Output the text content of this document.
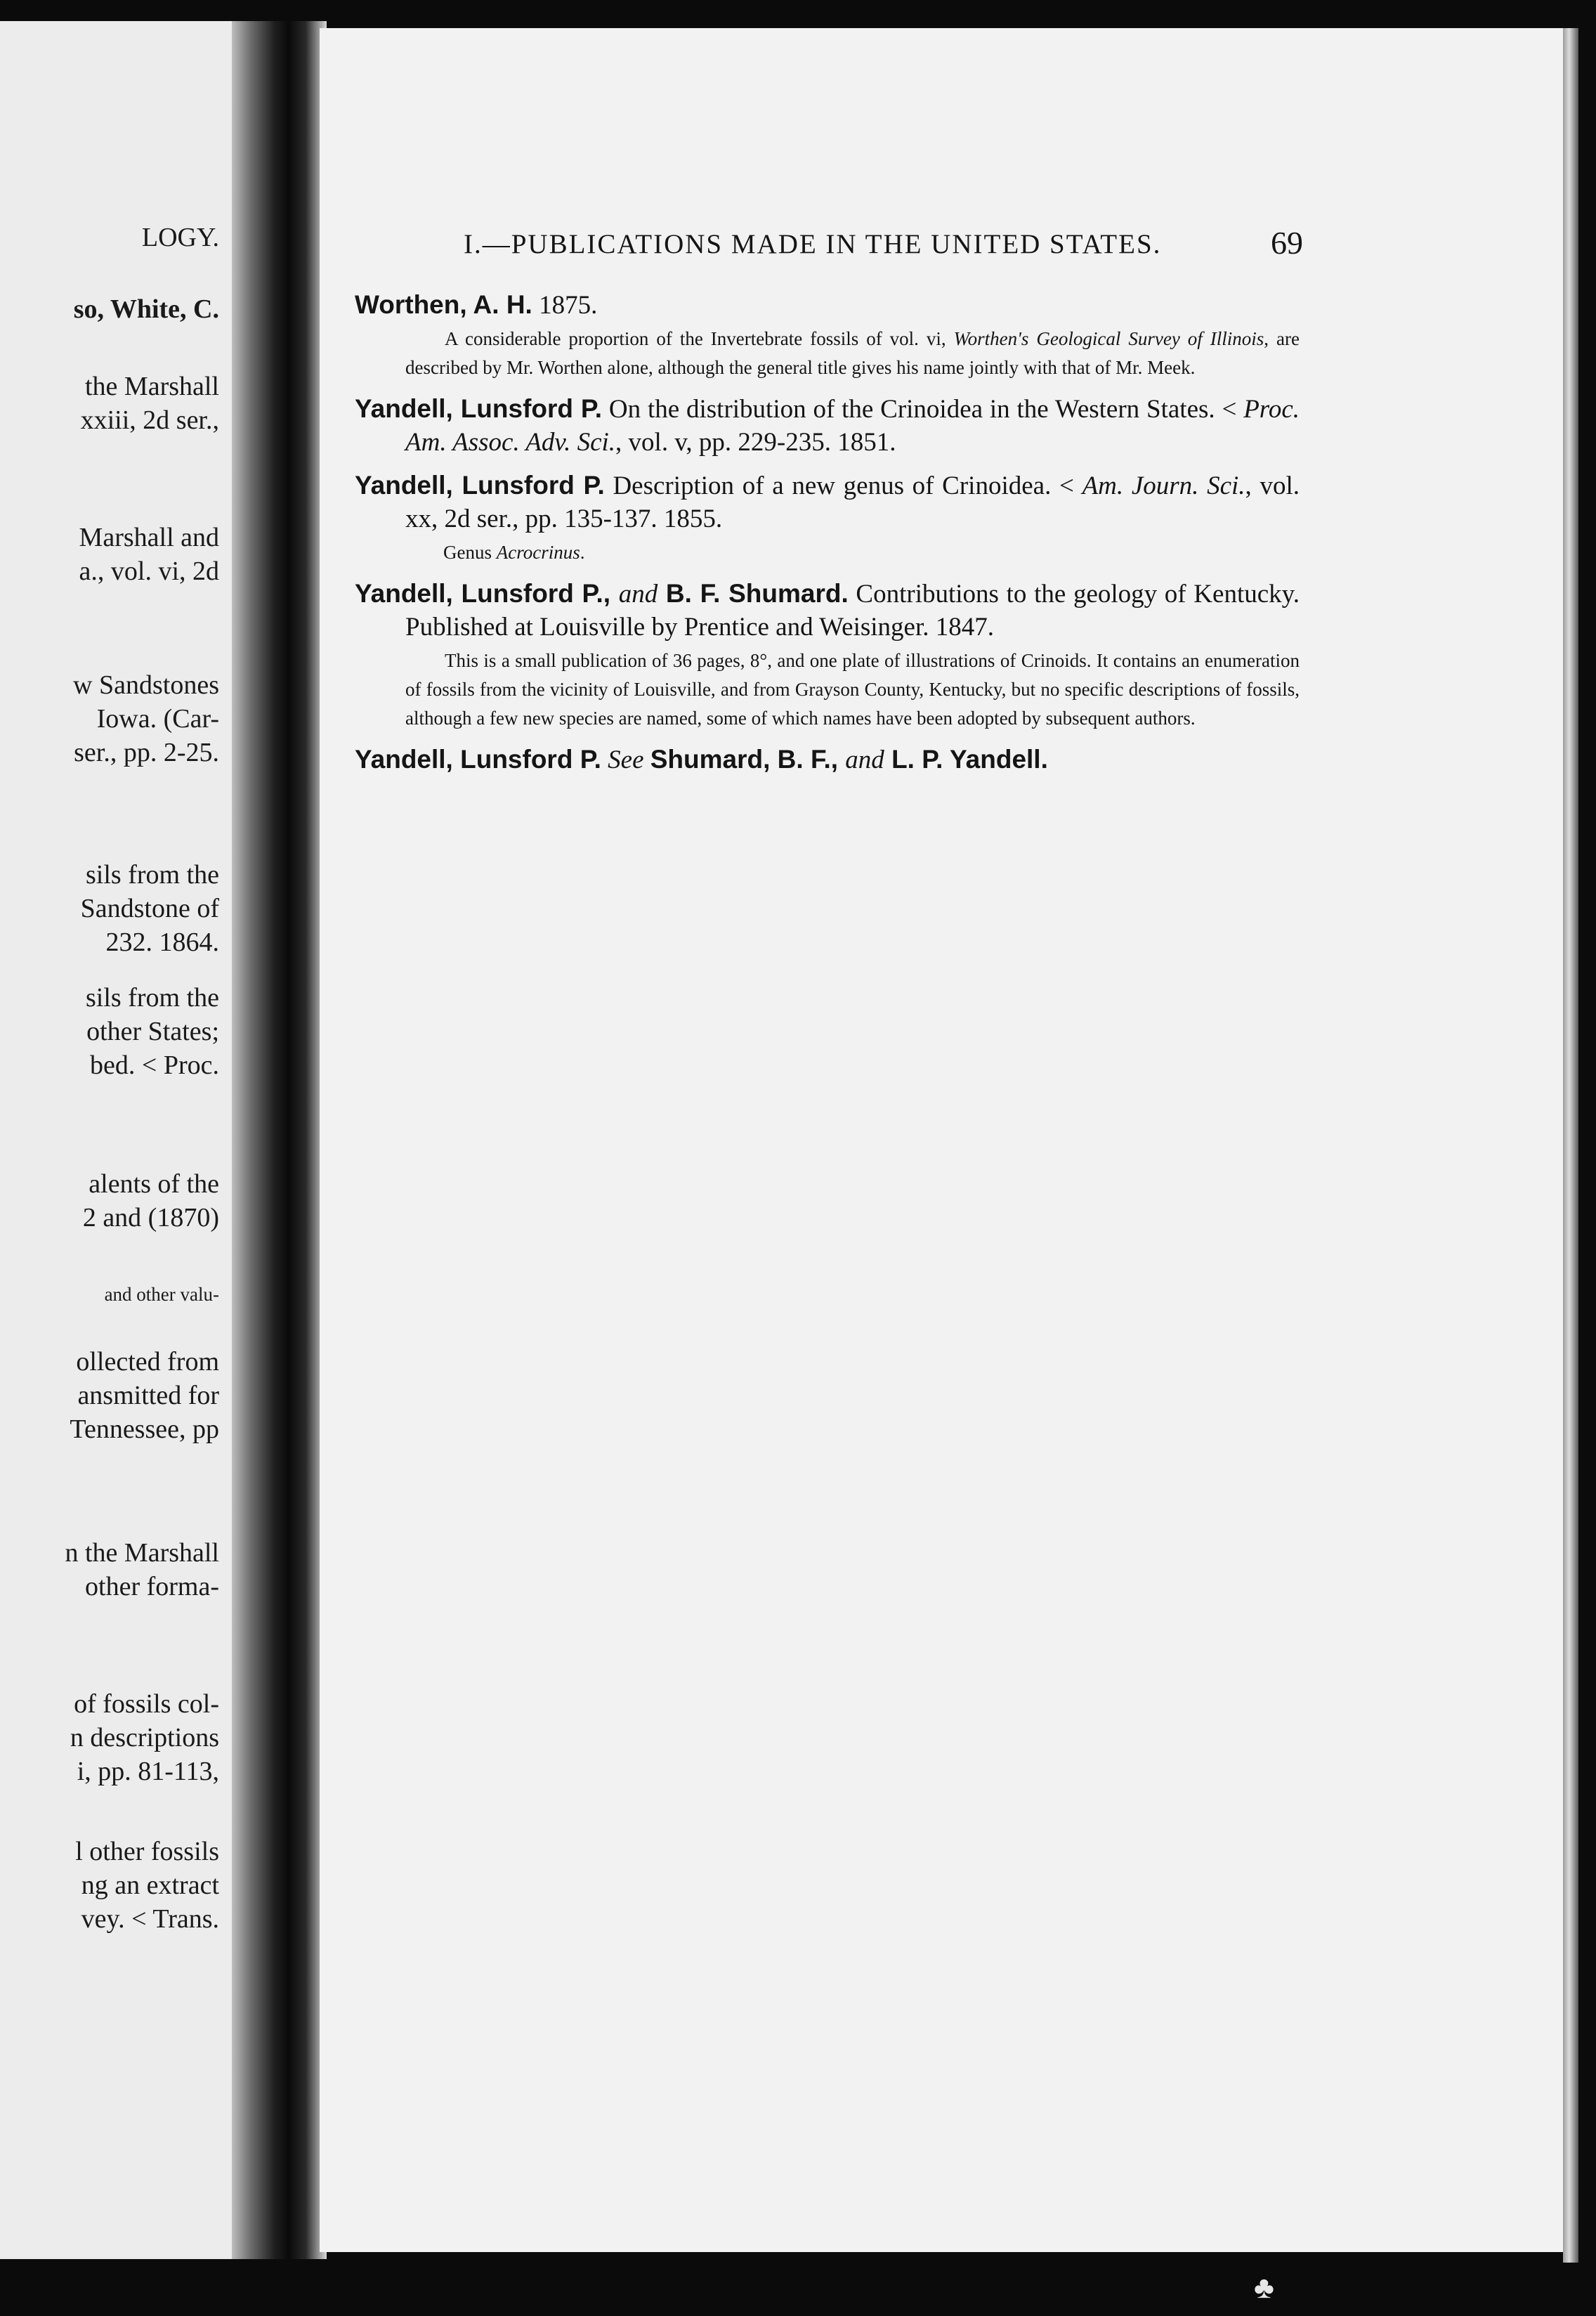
LOGY.
so, White, C.
the Marshall
xxiii, 2d ser.,
Marshall and
a., vol. vi, 2d
w Sandstones
Iowa. (Car-
ser., pp. 2-25.
sils from the
Sandstone of
232. 1864.
sils from the
other States;
bed. < Proc.
alents of the
2 and (1870)
and other valu-
ollected from
ansmitted for
Tennessee, pp
n the Marshall
other forma-
of fossils col-
n descriptions
i, pp. 81-113,
l other fossils
ng an extract
vey. < Trans.
I.—PUBLICATIONS MADE IN THE UNITED STATES.	69
Worthen, A. H. 1875.
A considerable proportion of the Invertebrate fossils of vol. vi, Worthen's Geological Survey of Illinois, are described by Mr. Worthen alone, although the general title gives his name jointly with that of Mr. Meek.
Yandell, Lunsford P. On the distribution of the Crinoidea in the Western States. < Proc. Am. Assoc. Adv. Sci., vol. v, pp. 229-235. 1851.
Yandell, Lunsford P. Description of a new genus of Crinoidea. < Am. Journ. Sci., vol. xx, 2d ser., pp. 135-137. 1855.
Genus Acrocrinus.
Yandell, Lunsford P., and B. F. Shumard. Contributions to the geology of Kentucky. Published at Louisville by Prentice and Weisinger. 1847.
This is a small publication of 36 pages, 8°, and one plate of illustrations of Crinoids. It contains an enumeration of fossils from the vicinity of Louisville, and from Grayson County, Kentucky, but no specific descriptions of fossils, although a few new species are named, some of which names have been adopted by subsequent authors.
Yandell, Lunsford P. See Shumard, B. F., and L. P. Yandell.
♣
